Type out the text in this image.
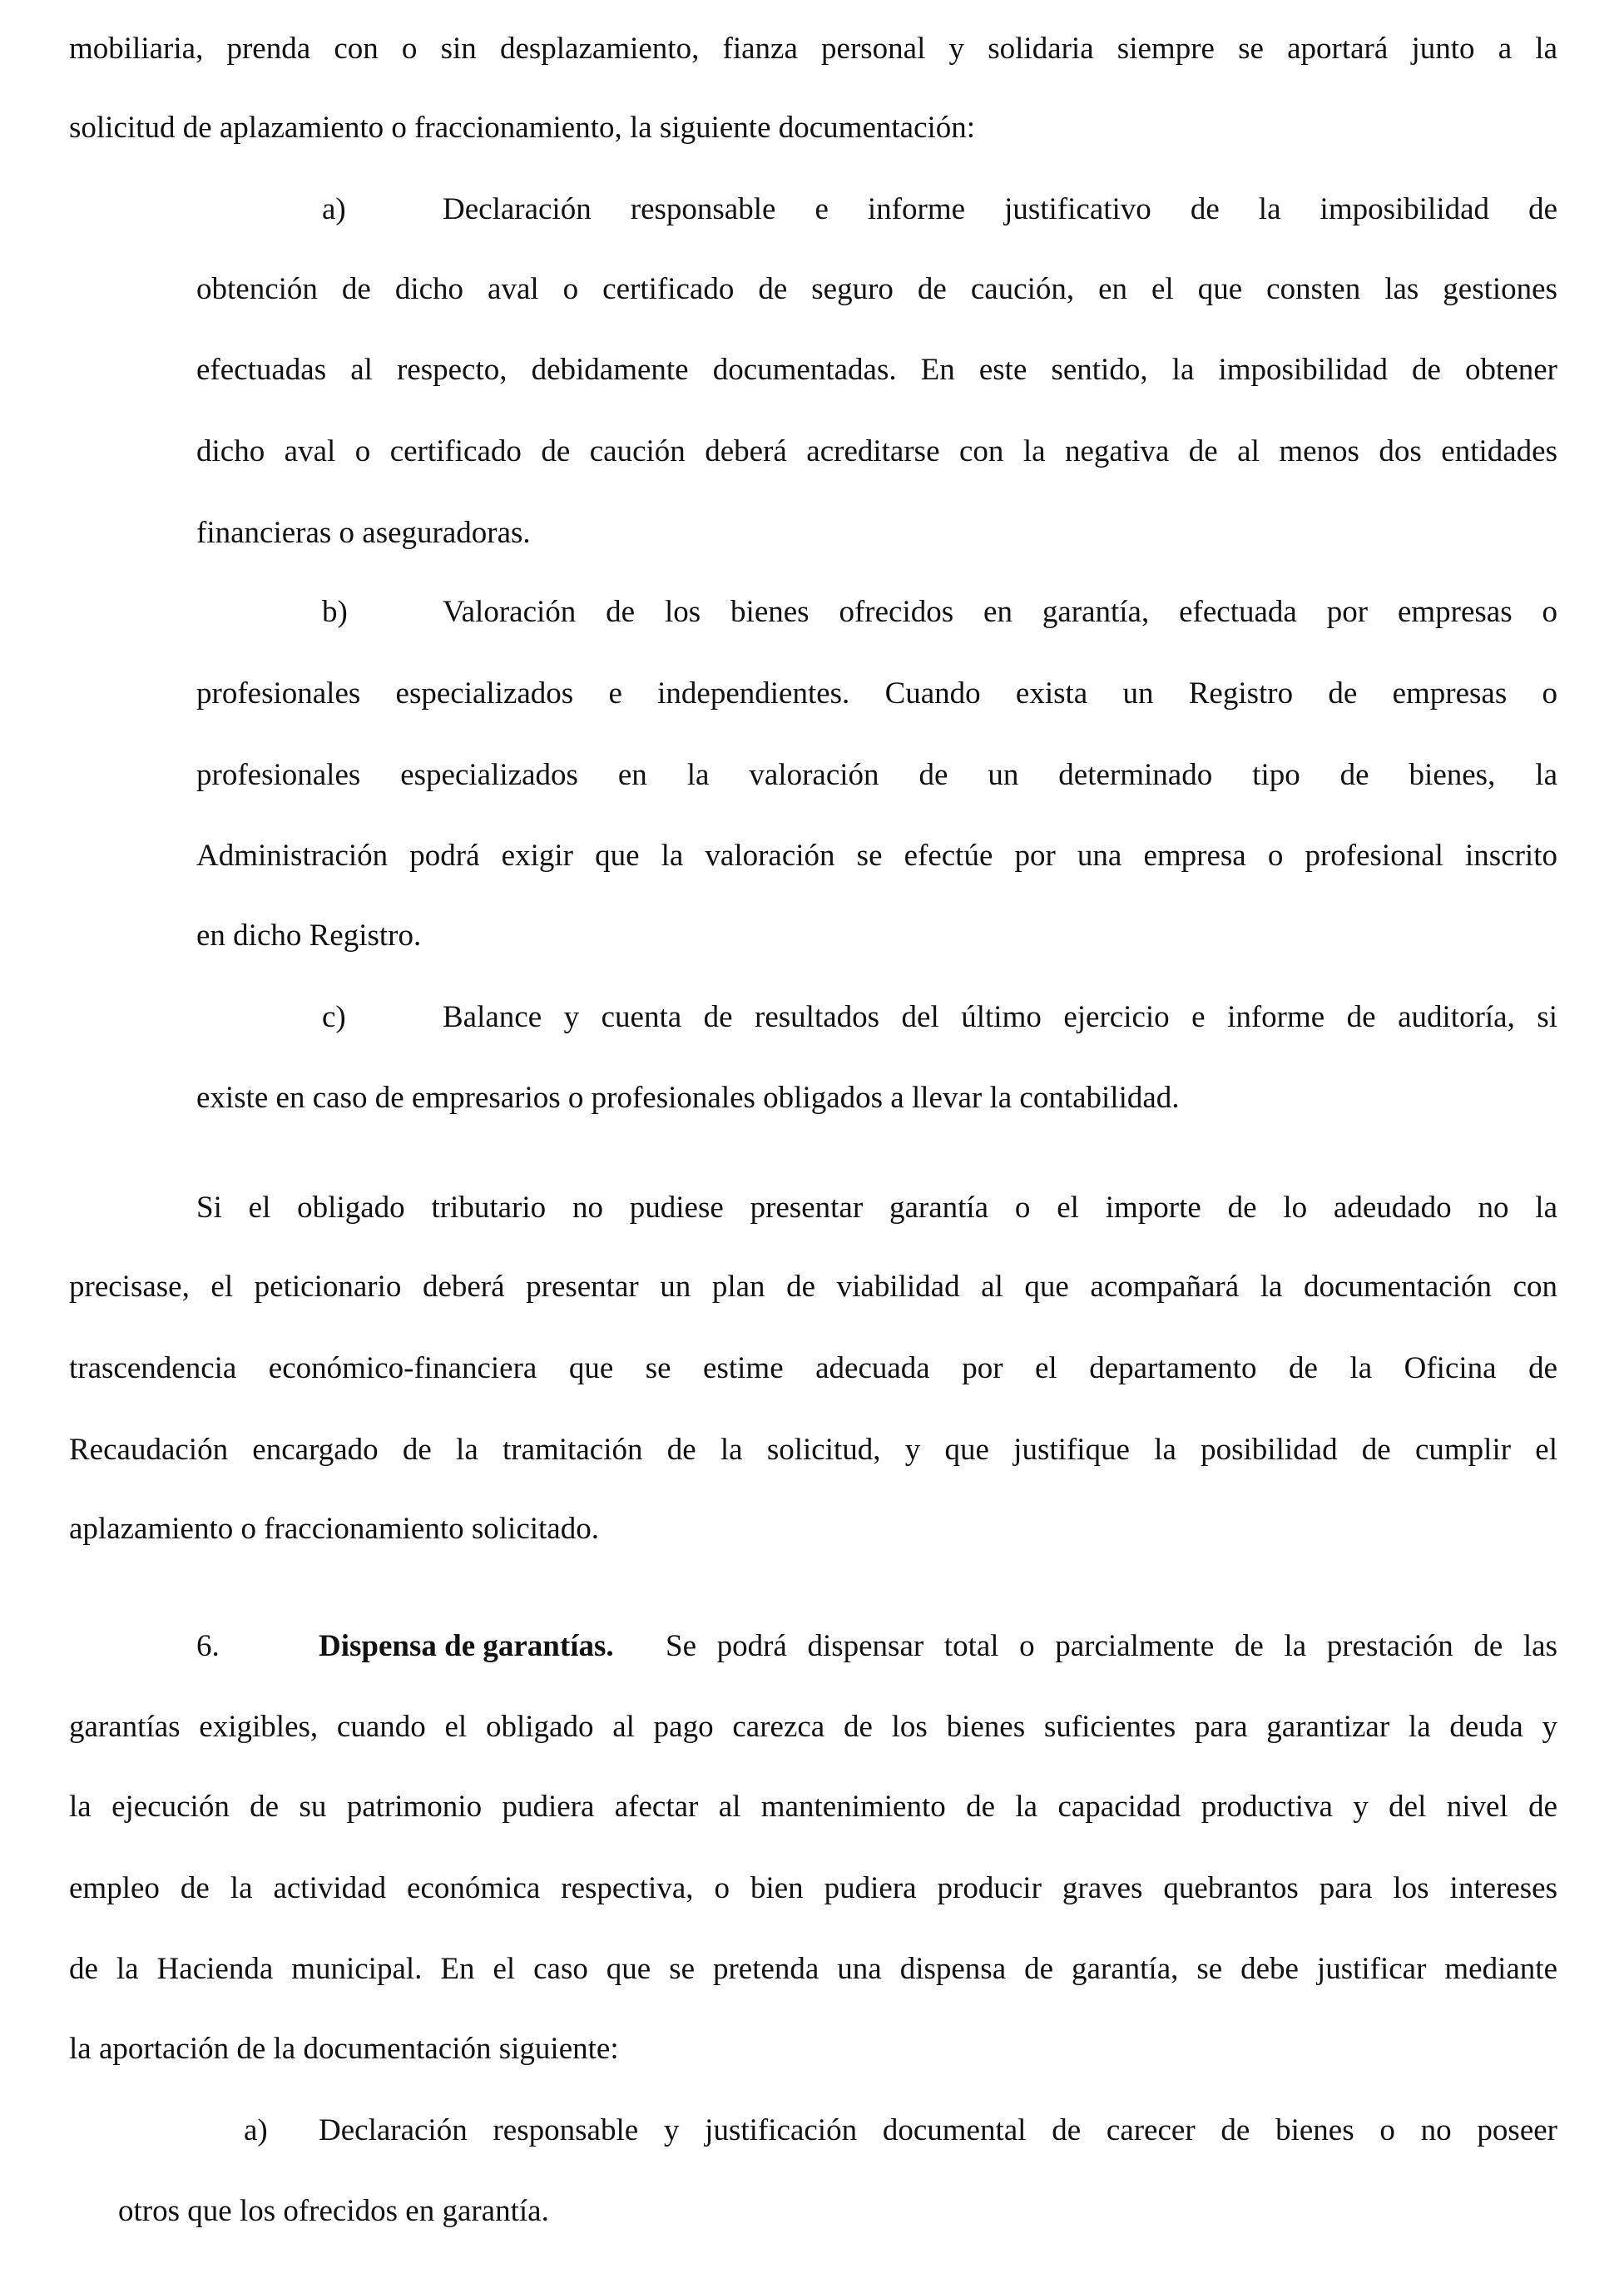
mobiliaria, prenda con o sin desplazamiento, fianza personal y solidaria siempre se aportará junto a la
solicitud de aplazamiento o fraccionamiento, la siguiente documentación:
a)	Declaración responsable e informe justificativo de la imposibilidad de
obtención de dicho aval o certificado de seguro de caución, en el que consten las gestiones
efectuadas al respecto, debidamente documentadas. En este sentido, la imposibilidad de obtener
dicho aval o certificado de caución deberá acreditarse con la negativa de al menos dos entidades
financieras o aseguradoras.
b)	Valoración de los bienes ofrecidos en garantía, efectuada por empresas o
profesionales especializados e independientes. Cuando exista un Registro de empresas o
profesionales especializados en la valoración de un determinado tipo de bienes, la
Administración podrá exigir que la valoración se efectúe por una empresa o profesional inscrito
en dicho Registro.
c)	Balance y cuenta de resultados del último ejercicio e informe de auditoría, si
existe en caso de empresarios o profesionales obligados a llevar la contabilidad.
Si el obligado tributario no pudiese presentar garantía o el importe de lo adeudado no la
precisase, el peticionario deberá presentar un plan de viabilidad al que acompañará la documentación con
trascendencia económico-financiera que se estime adecuada por el departamento de la Oficina de
Recaudación encargado de la tramitación de la solicitud, y que justifique la posibilidad de cumplir el
aplazamiento o fraccionamiento solicitado.
6.	Dispensa de garantías. Se podrá dispensar total o parcialmente de la prestación de las
garantías exigibles, cuando el obligado al pago carezca de los bienes suficientes para garantizar la deuda y
la ejecución de su patrimonio pudiera afectar al mantenimiento de la capacidad productiva y del nivel de
empleo de la actividad económica respectiva, o bien pudiera producir graves quebrantos para los intereses
de la Hacienda municipal. En el caso que se pretenda una dispensa de garantía, se debe justificar mediante
la aportación de la documentación siguiente:
a) Declaración responsable y justificación documental de carecer de bienes o no poseer
otros que los ofrecidos en garantía.
